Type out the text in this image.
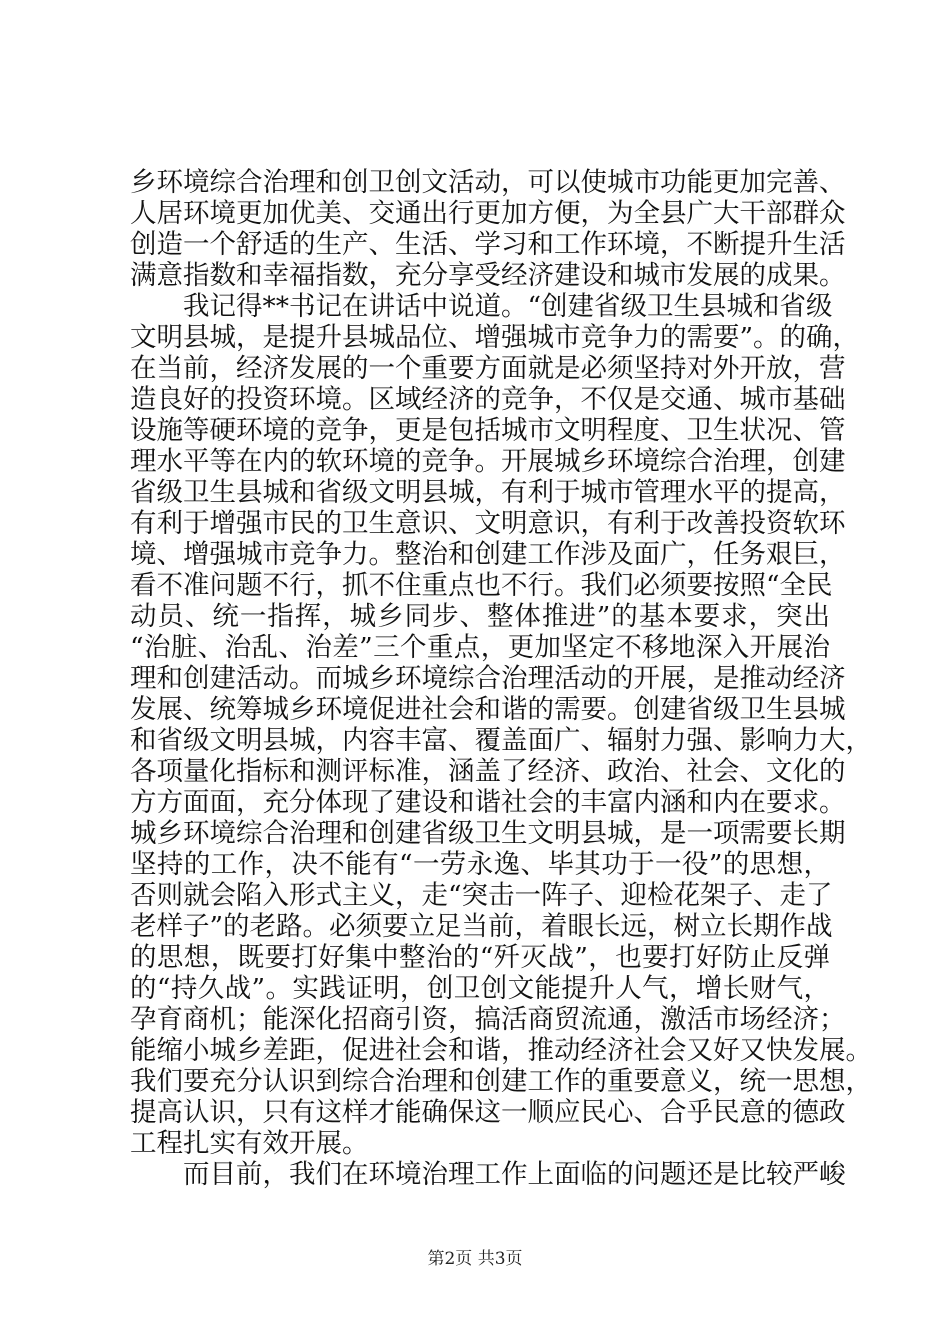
乡环境综合治理和创卫创文活动，可以使城市功能更加完善、
人居环境更加优美、交通出行更加方便，为全县广大干部群众
创造一个舒适的生产、生活、学习和工作环境，不断提升生活
满意指数和幸福指数，充分享受经济建设和城市发展的成果。
　　我记得**书记在讲话中说道。“创建省级卫生县城和省级
文明县城，是提升县城品位、增强城市竞争力的需要”。的确，
在当前，经济发展的一个重要方面就是必须坚持对外开放，营
造良好的投资环境。区域经济的竞争，不仅是交通、城市基础
设施等硬环境的竞争，更是包括城市文明程度、卫生状况、管
理水平等在内的软环境的竞争。开展城乡环境综合治理，创建
省级卫生县城和省级文明县城，有利于城市管理水平的提高，
有利于增强市民的卫生意识、文明意识，有利于改善投资软环
境、增强城市竞争力。整治和创建工作涉及面广，任务艰巨，
看不准问题不行，抓不住重点也不行。我们必须要按照“全民
动员、统一指挥，城乡同步、整体推进”的基本要求，突出
“治脏、治乱、治差”三个重点，更加坚定不移地深入开展治
理和创建活动。而城乡环境综合治理活动的开展，是推动经济
发展、统筹城乡环境促进社会和谐的需要。创建省级卫生县城
和省级文明县城，内容丰富、覆盖面广、辐射力强、影响力大，
各项量化指标和测评标准，涵盖了经济、政治、社会、文化的
方方面面，充分体现了建设和谐社会的丰富内涵和内在要求。
城乡环境综合治理和创建省级卫生文明县城，是一项需要长期
坚持的工作，决不能有“一劳永逸、毕其功于一役”的思想，
否则就会陷入形式主义，走“突击一阵子、迎检花架子、走了
老样子”的老路。必须要立足当前，着眼长远，树立长期作战
的思想，既要打好集中整治的“歼灭战”，也要打好防止反弹
的“持久战”。实践证明，创卫创文能提升人气，增长财气，
孕育商机；能深化招商引资，搞活商贸流通，激活市场经济；
能缩小城乡差距，促进社会和谐，推动经济社会又好又快发展。
我们要充分认识到综合治理和创建工作的重要意义，统一思想，
提高认识，只有这样才能确保这一顺应民心、合乎民意的德政
工程扎实有效开展。
　　而目前，我们在环境治理工作上面临的问题还是比较严峻
第2页 共3页
